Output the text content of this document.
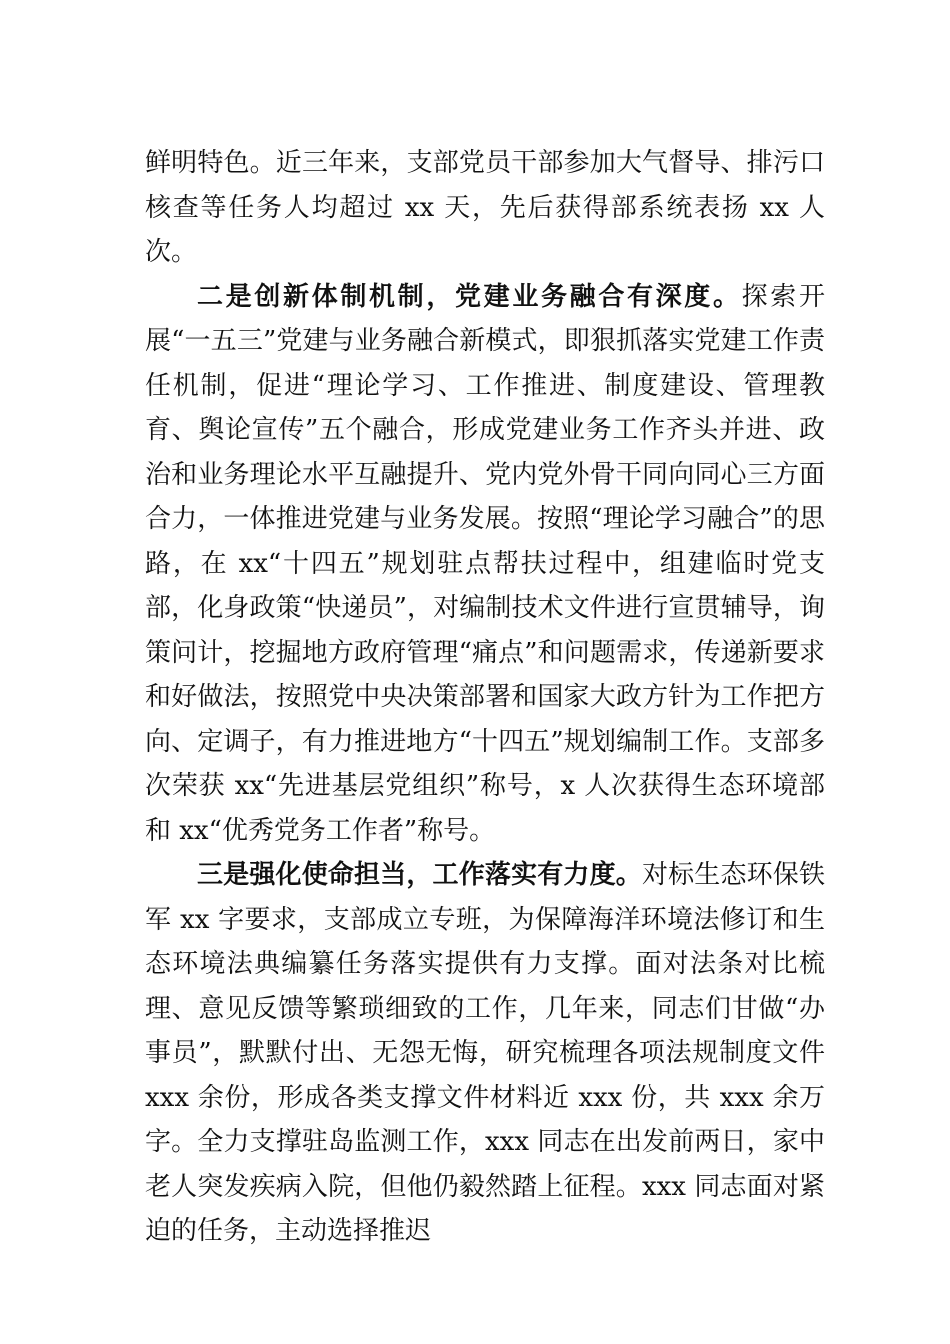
鲜明特色。近三年来，支部党员干部参加大气督导、排污口核查等任务人均超过 xx 天，先后获得部系统表扬 xx 人次。

二是创新体制机制，党建业务融合有深度。探索开展“一五三”党建与业务融合新模式，即狠抓落实党建工作责任机制，促进“理论学习、工作推进、制度建设、管理教育、舆论宣传”五个融合，形成党建业务工作齐头并进、政治和业务理论水平互融提升、党内党外骨干同向同心三方面合力，一体推进党建与业务发展。按照“理论学习融合”的思路，在 xx“十四五”规划驻点帮扶过程中，组建临时党支部，化身政策“快递员”，对编制技术文件进行宣贯辅导，询策问计，挖掘地方政府管理“痛点”和问题需求，传递新要求和好做法，按照党中央决策部署和国家大政方针为工作把方向、定调子，有力推进地方“十四五”规划编制工作。支部多次荣获 xx“先进基层党组织”称号，x 人次获得生态环境部和 xx“优秀党务工作者”称号。

三是强化使命担当，工作落实有力度。对标生态环保铁军 xx 字要求，支部成立专班，为保障海洋环境法修订和生态环境法典编纂任务落实提供有力支撑。面对法条对比梳理、意见反馈等繁琐细致的工作，几年来，同志们甘做“办事员”，默默付出、无怨无悔，研究梳理各项法规制度文件 xxx 余份，形成各类支撑文件材料近 xxx 份，共 xxx 余万字。全力支撑驻岛监测工作，xxx 同志在出发前两日，家中老人突发疾病入院，但他仍毅然踏上征程。xxx 同志面对紧迫的任务，主动选择推迟
